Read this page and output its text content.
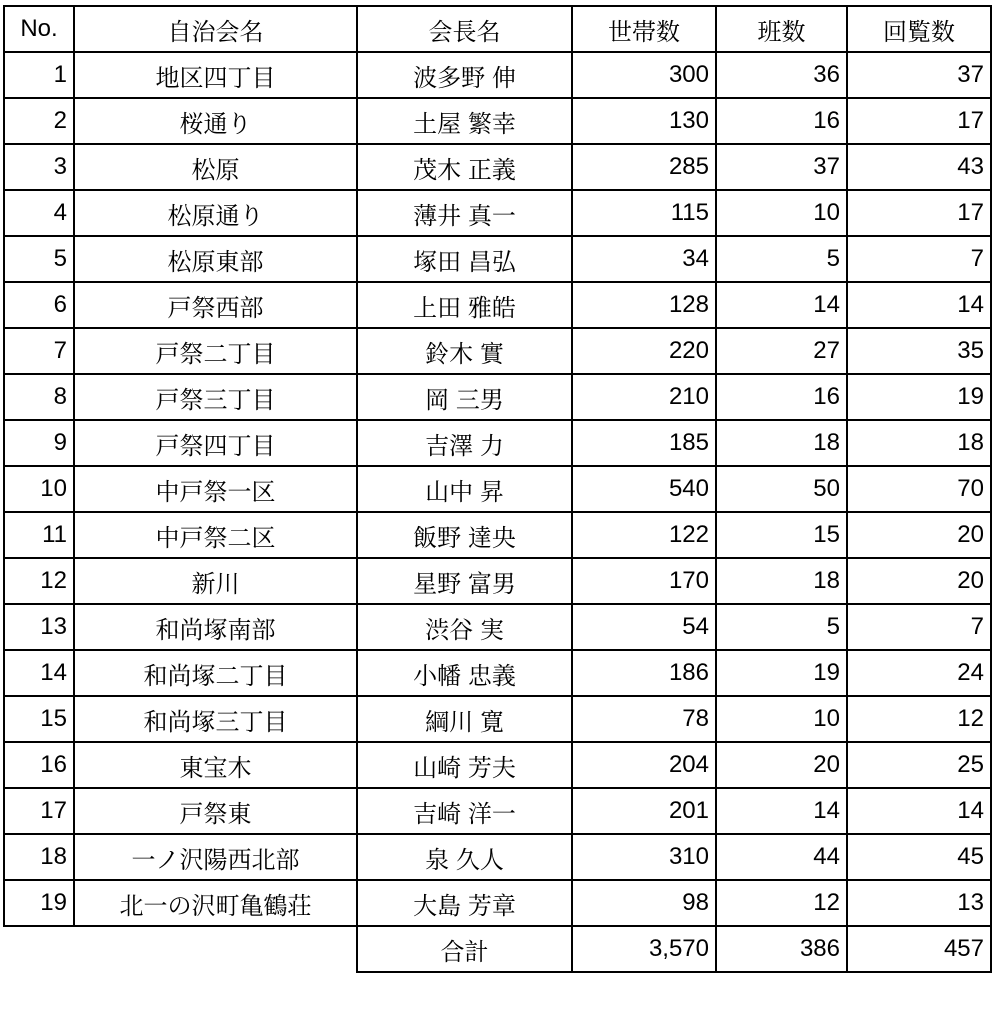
No.	自治会名	会長名	世帯数	班数	回覧数
1	地区四丁目	波多野 伸	300	36	37
2	桜通り	土屋 繁幸	130	16	17
3	松原	茂木 正義	285	37	43
4	松原通り	薄井 真一	115	10	17
5	松原東部	塚田 昌弘	34	5	7
6	戸祭西部	上田 雅皓	128	14	14
7	戸祭二丁目	鈴木 實	220	27	35
8	戸祭三丁目	岡 三男	210	16	19
9	戸祭四丁目	吉澤 力	185	18	18
10	中戸祭一区	山中 昇	540	50	70
11	中戸祭二区	飯野 達央	122	15	20
12	新川	星野 富男	170	18	20
13	和尚塚南部	渋谷 実	54	5	7
14	和尚塚二丁目	小幡 忠義	186	19	24
15	和尚塚三丁目	綱川 寛	78	10	12
16	東宝木	山崎 芳夫	204	20	25
17	戸祭東	吉崎 洋一	201	14	14
18	一ノ沢陽西北部	泉 久人	310	44	45
19	北一の沢町亀鶴荘	大島 芳章	98	12	13
		合計	3,570	386	457
